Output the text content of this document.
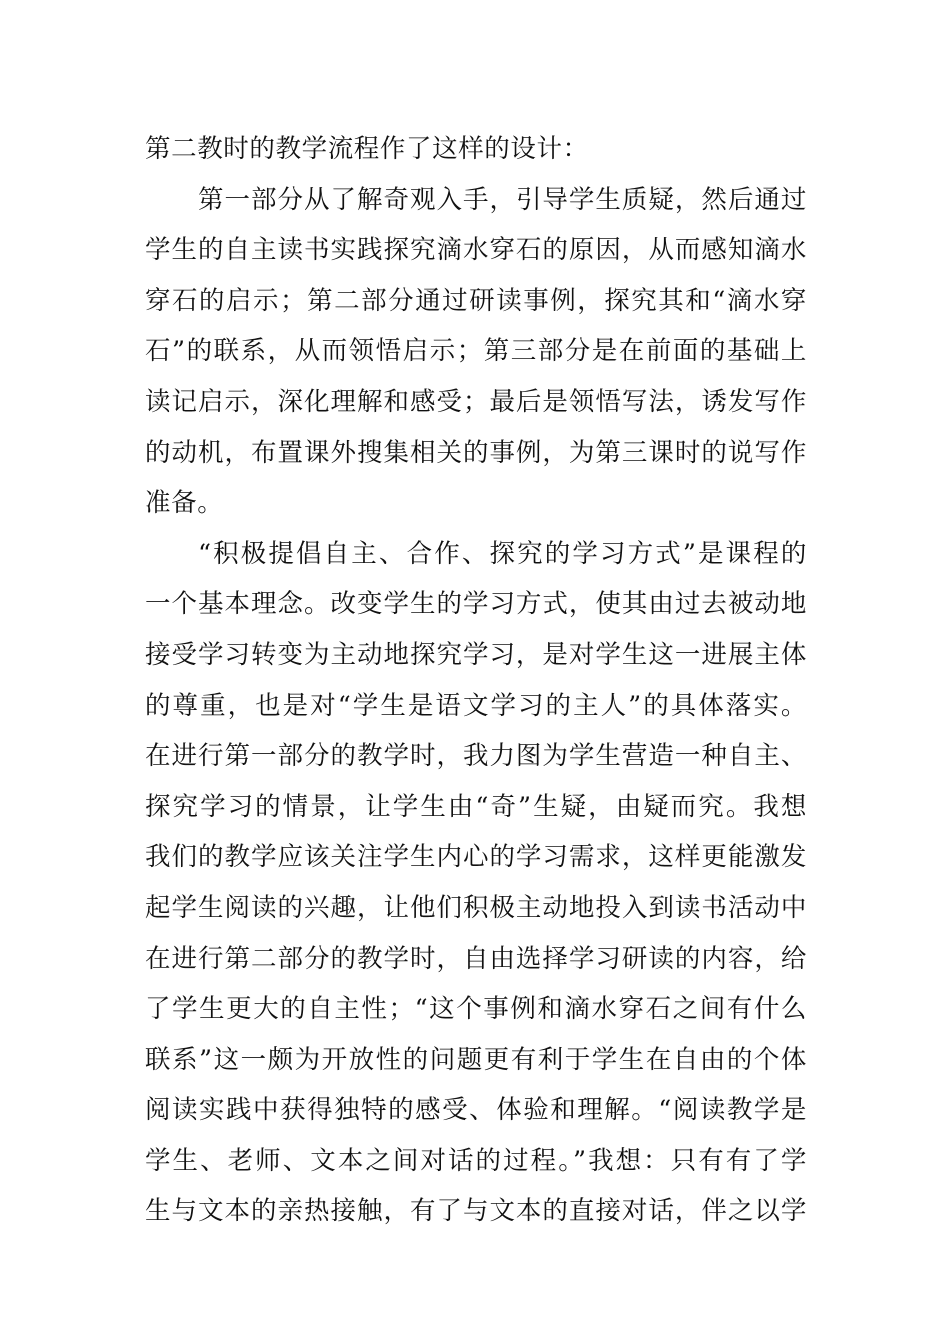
第二教时的教学流程作了这样的设计：
第一部分从了解奇观入手，引导学生质疑，然后通过
学生的自主读书实践探究滴水穿石的原因，从而感知滴水
穿石的启示；第二部分通过研读事例，探究其和“滴水穿
石”的联系，从而领悟启示；第三部分是在前面的基础上
读记启示，深化理解和感受；最后是领悟写法，诱发写作
的动机，布置课外搜集相关的事例，为第三课时的说写作
准备。
“积极提倡自主、合作、探究的学习方式”是课程的
一个基本理念。改变学生的学习方式，使其由过去被动地
接受学习转变为主动地探究学习，是对学生这一进展主体
的尊重，也是对“学生是语文学习的主人”的具体落实。
在进行第一部分的教学时，我力图为学生营造一种自主、
探究学习的情景，让学生由“奇”生疑，由疑而究。我想
我们的教学应该关注学生内心的学习需求，这样更能激发
起学生阅读的兴趣，让他们积极主动地投入到读书活动中
在进行第二部分的教学时，自由选择学习研读的内容，给
了学生更大的自主性；“这个事例和滴水穿石之间有什么
联系”这一颇为开放性的问题更有利于学生在自由的个体
阅读实践中获得独特的感受、体验和理解。“阅读教学是
学生、老师、文本之间对话的过程。”我想：只有有了学
生与文本的亲热接触，有了与文本的直接对话，伴之以学
